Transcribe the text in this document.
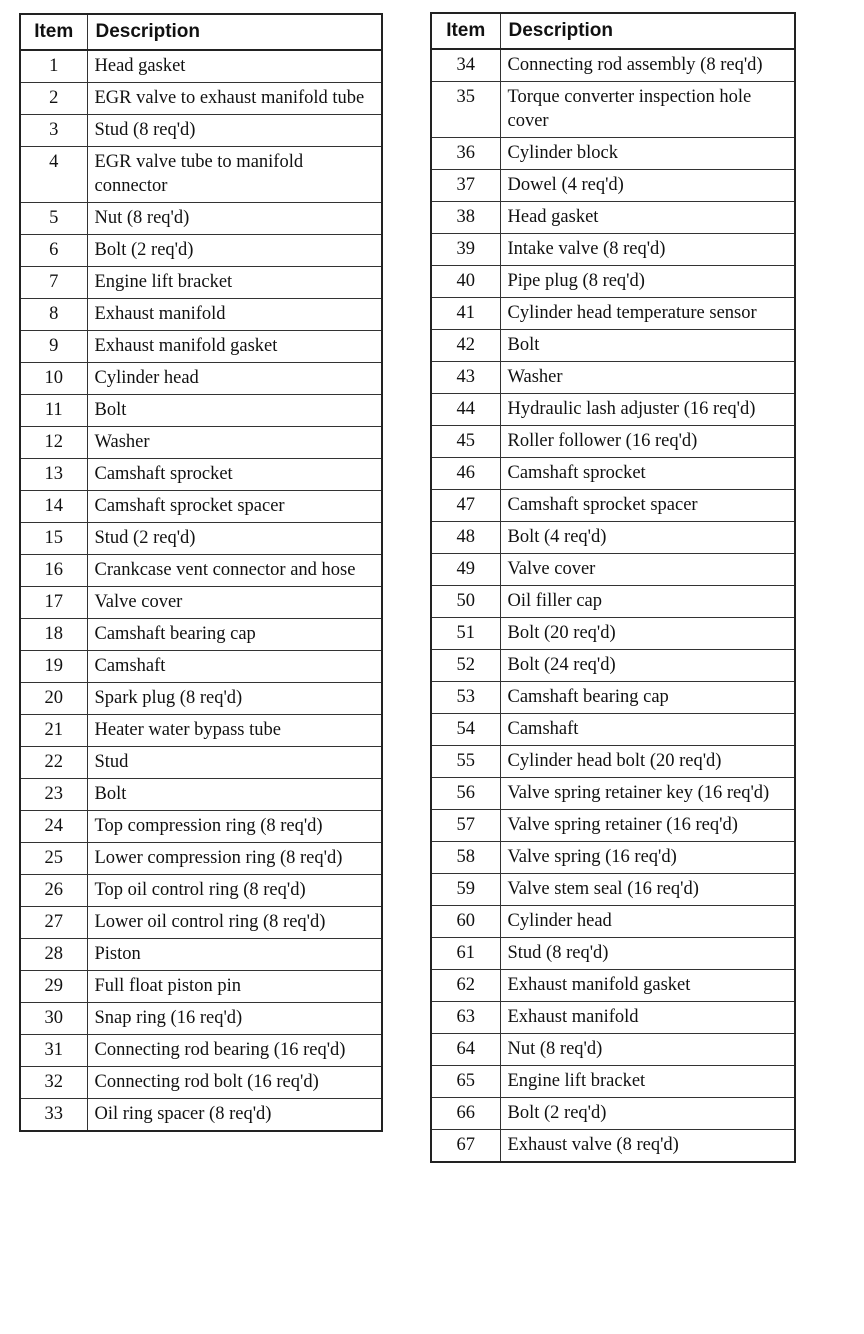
Item	Description
1	Head gasket
2	EGR valve to exhaust manifold tube
3	Stud (8 req'd)
4	EGR valve tube to manifold connector
5	Nut (8 req'd)
6	Bolt (2 req'd)
7	Engine lift bracket
8	Exhaust manifold
9	Exhaust manifold gasket
10	Cylinder head
11	Bolt
12	Washer
13	Camshaft sprocket
14	Camshaft sprocket spacer
15	Stud (2 req'd)
16	Crankcase vent connector and hose
17	Valve cover
18	Camshaft bearing cap
19	Camshaft
20	Spark plug (8 req'd)
21	Heater water bypass tube
22	Stud
23	Bolt
24	Top compression ring (8 req'd)
25	Lower compression ring (8 req'd)
26	Top oil control ring (8 req'd)
27	Lower oil control ring (8 req'd)
28	Piston
29	Full float piston pin
30	Snap ring (16 req'd)
31	Connecting rod bearing (16 req'd)
32	Connecting rod bolt (16 req'd)
33	Oil ring spacer (8 req'd)
Item	Description
34	Connecting rod assembly (8 req'd)
35	Torque converter inspection hole cover
36	Cylinder block
37	Dowel (4 req'd)
38	Head gasket
39	Intake valve (8 req'd)
40	Pipe plug (8 req'd)
41	Cylinder head temperature sensor
42	Bolt
43	Washer
44	Hydraulic lash adjuster (16 req'd)
45	Roller follower (16 req'd)
46	Camshaft sprocket
47	Camshaft sprocket spacer
48	Bolt (4 req'd)
49	Valve cover
50	Oil filler cap
51	Bolt (20 req'd)
52	Bolt (24 req'd)
53	Camshaft bearing cap
54	Camshaft
55	Cylinder head bolt (20 req'd)
56	Valve spring retainer key (16 req'd)
57	Valve spring retainer (16 req'd)
58	Valve spring (16 req'd)
59	Valve stem seal (16 req'd)
60	Cylinder head
61	Stud (8 req'd)
62	Exhaust manifold gasket
63	Exhaust manifold
64	Nut (8 req'd)
65	Engine lift bracket
66	Bolt (2 req'd)
67	Exhaust valve (8 req'd)
